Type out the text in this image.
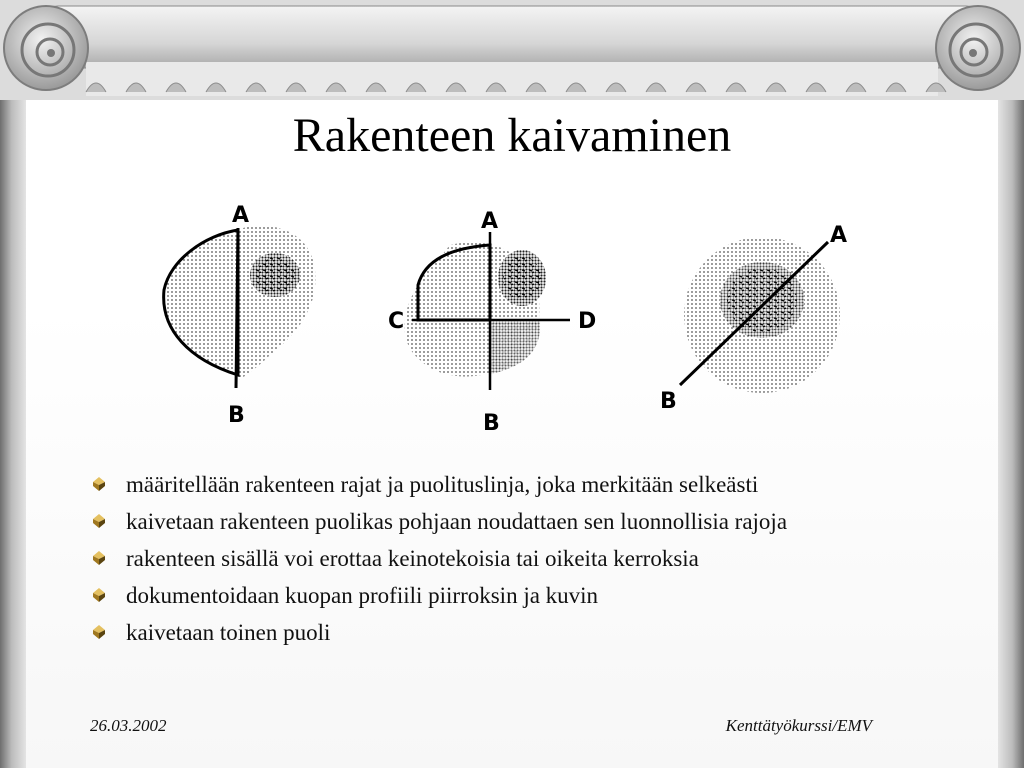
Rakenteen kaivaminen
A
B
A
B
C	D
A
B
määritellään rakenteen rajat ja puolituslinja, joka merkitään selkeästi
kaivetaan rakenteen puolikas pohjaan noudattaen sen luonnollisia rajoja
rakenteen sisällä voi erottaa keinotekoisia tai oikeita kerroksia
dokumentoidaan kuopan profiili piirroksin ja kuvin
kaivetaan toinen puoli
26.03.2002	Kenttätyökurssi/EMV
